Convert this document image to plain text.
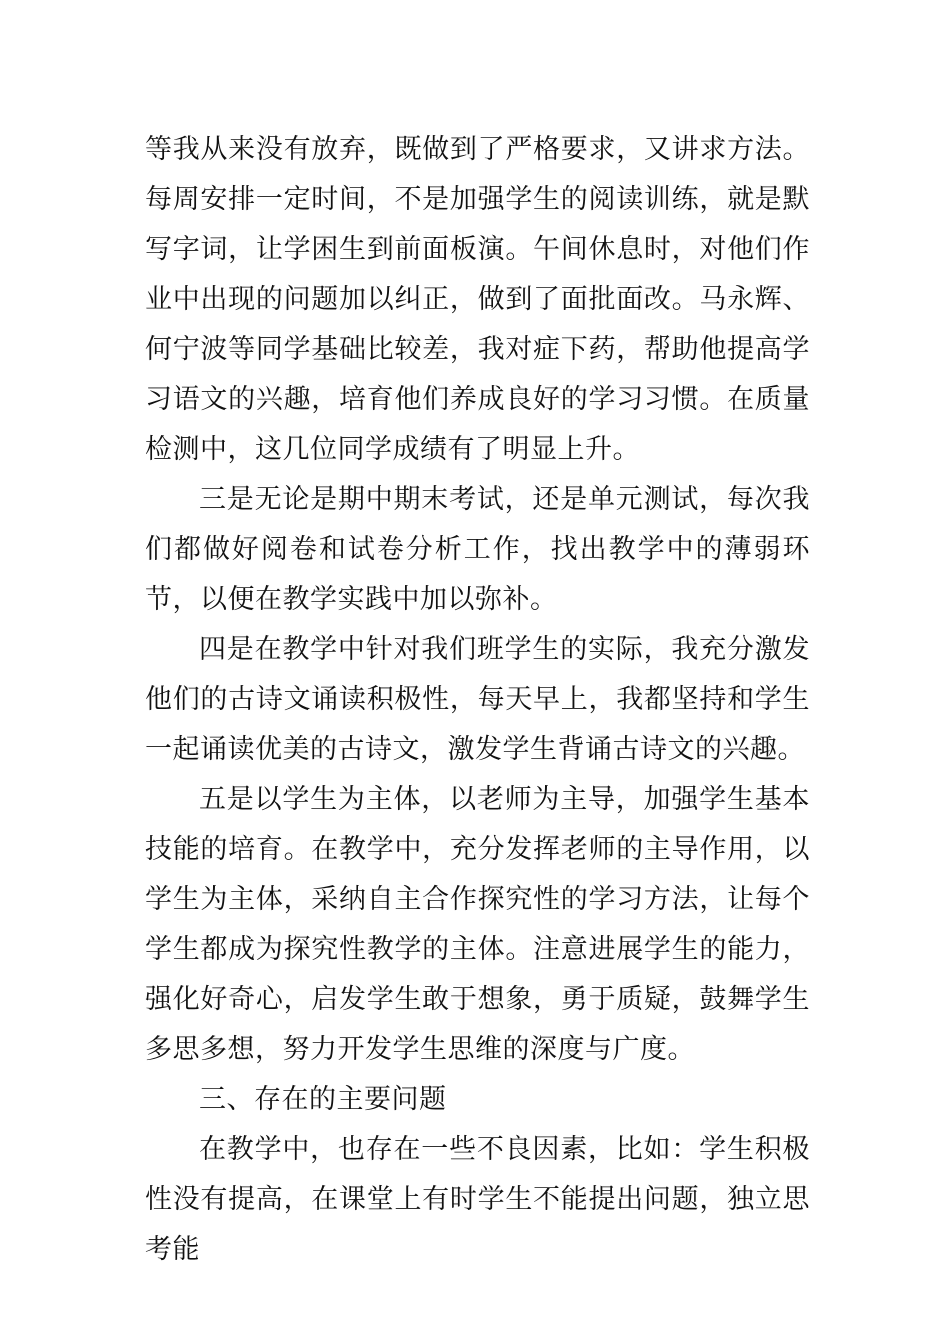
等我从来没有放弃，既做到了严格要求，又讲求方法。每周安排一定时间，不是加强学生的阅读训练，就是默写字词，让学困生到前面板演。午间休息时，对他们作业中出现的问题加以纠正，做到了面批面改。马永辉、何宁波等同学基础比较差，我对症下药，帮助他提高学习语文的兴趣，培育他们养成良好的学习习惯。在质量检测中，这几位同学成绩有了明显上升。

三是无论是期中期末考试，还是单元测试，每次我们都做好阅卷和试卷分析工作，找出教学中的薄弱环节，以便在教学实践中加以弥补。

四是在教学中针对我们班学生的实际，我充分激发他们的古诗文诵读积极性，每天早上，我都坚持和学生一起诵读优美的古诗文，激发学生背诵古诗文的兴趣。

五是以学生为主体，以老师为主导，加强学生基本技能的培育。在教学中，充分发挥老师的主导作用，以学生为主体，采纳自主合作探究性的学习方法，让每个学生都成为探究性教学的主体。注意进展学生的能力，强化好奇心，启发学生敢于想象，勇于质疑，鼓舞学生多思多想，努力开发学生思维的深度与广度。

三、存在的主要问题

在教学中，也存在一些不良因素，比如：学生积极性没有提高，在课堂上有时学生不能提出问题，独立思考能
